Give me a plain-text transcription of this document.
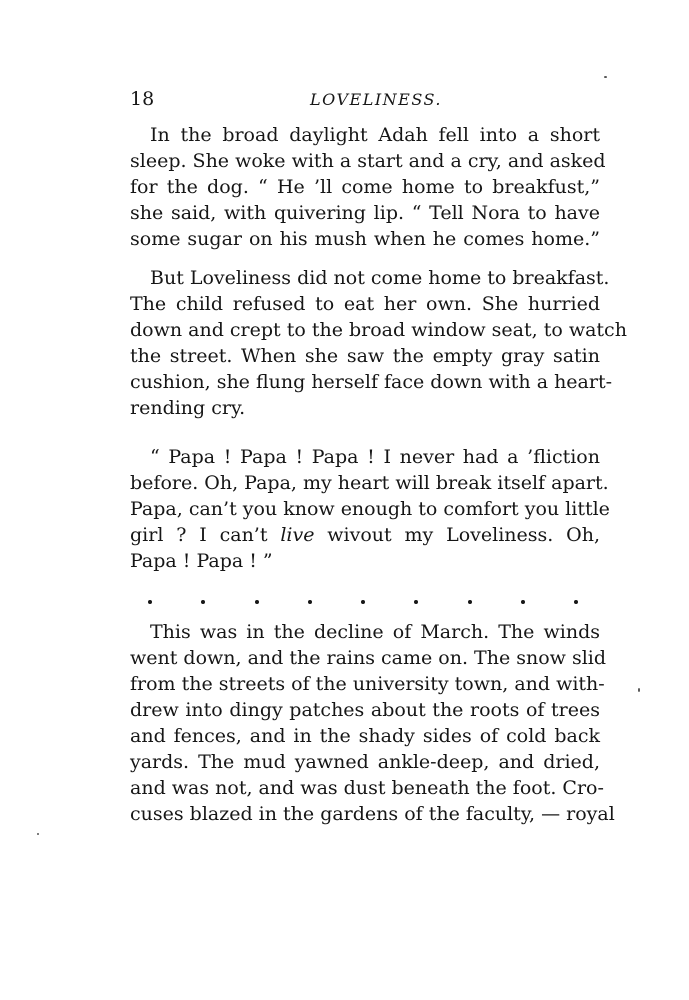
18	LOVELINESS.

In the broad daylight Adah fell into a short

sleep. She woke with a start and a cry, and asked

for the dog. “ He ’ll come home to breakfust,”

she said, with quivering lip. “ Tell Nora to have

some sugar on his mush when he comes home.”

But Loveliness did not come home to breakfast.

The child refused to eat her own. She hurried

down and crept to the broad window seat, to watch

the street. When she saw the empty gray satin

cushion, she flung herself face down with a heart-

rending cry.

“ Papa ! Papa ! Papa ! I never had a ’fliction

before. Oh, Papa, my heart will break itself apart.

Papa, can’t you know enough to comfort you little

girl ? I can’t live wivout my Loveliness. Oh,

Papa ! Papa ! ”

This was in the decline of March. The winds

went down, and the rains came on. The snow slid

from the streets of the university town, and with-

drew into dingy patches about the roots of trees

and fences, and in the shady sides of cold back

yards. The mud yawned ankle-deep, and dried,

and was not, and was dust beneath the foot. Cro-

cuses blazed in the gardens of the faculty, — royal
